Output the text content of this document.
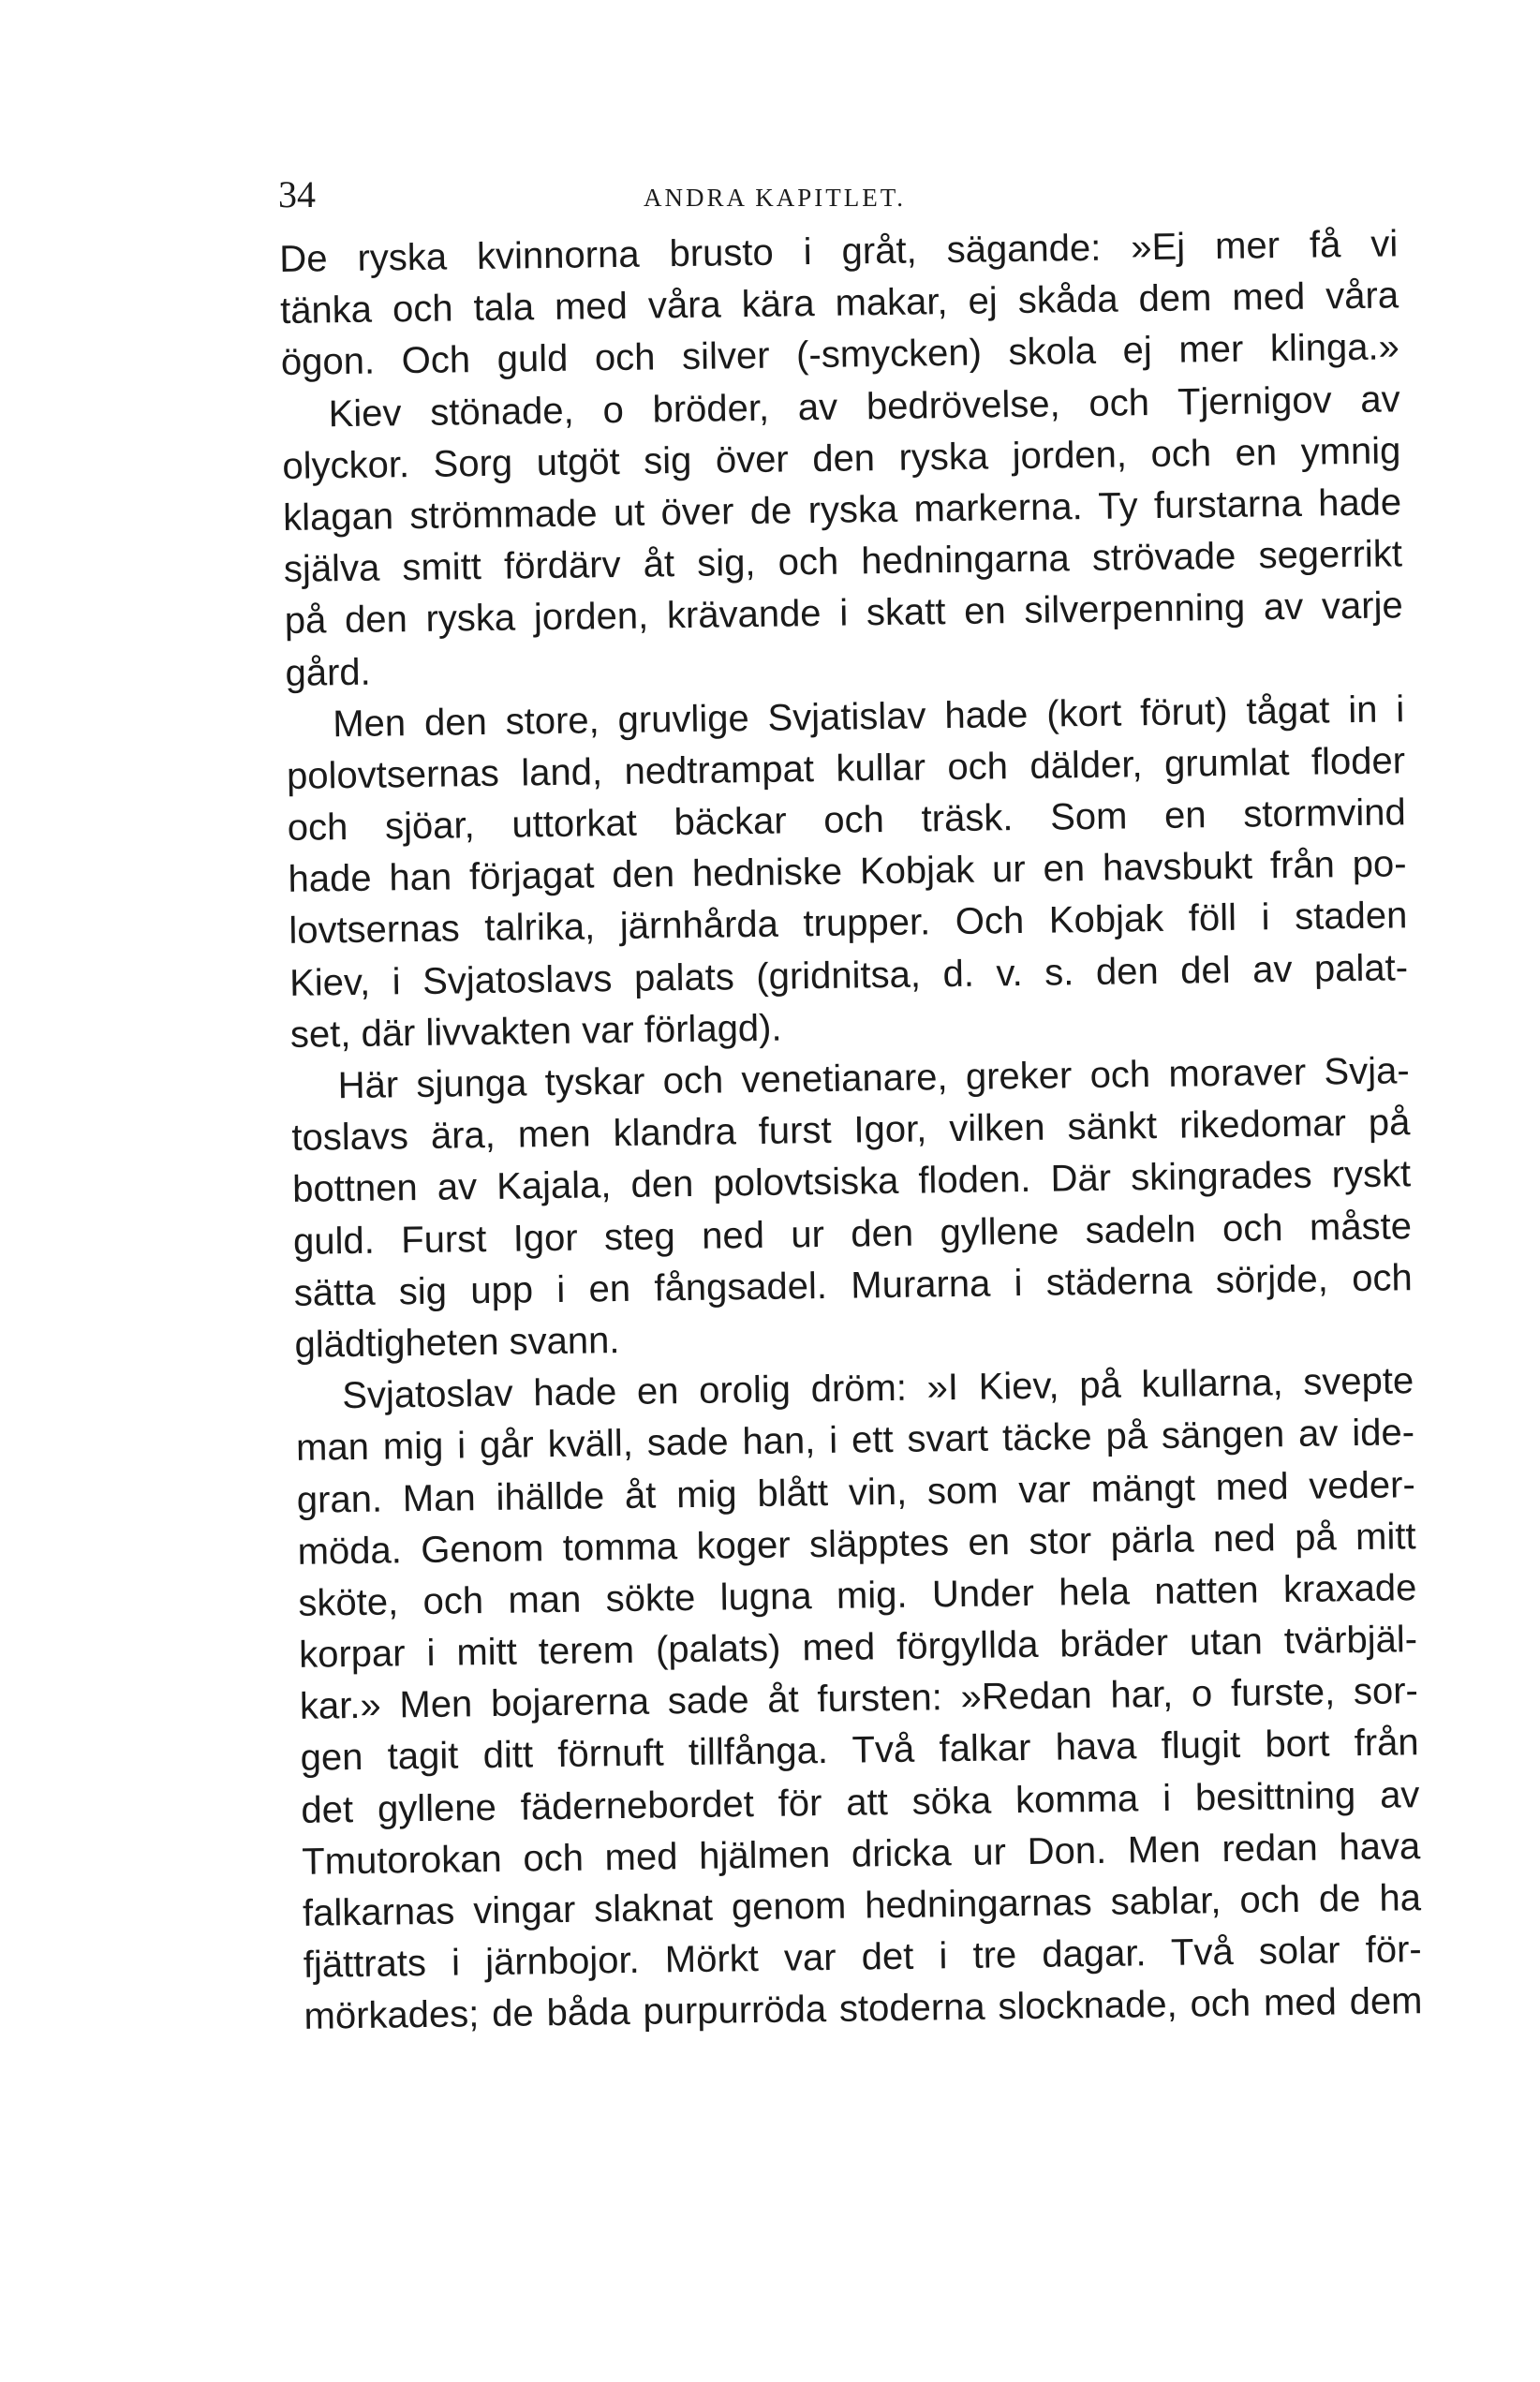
34	ANDRA KAPITLET.
De ryska kvinnorna brusto i gråt, sägande: »Ej mer få vi
tänka och tala med våra kära makar, ej skåda dem med våra
ögon. Och guld och silver (-smycken) skola ej mer klinga.»
Kiev stönade, o bröder, av bedrövelse, och Tjernigov av
olyckor. Sorg utgöt sig över den ryska jorden, och en ymnig
klagan strömmade ut över de ryska markerna. Ty furstarna hade
själva smitt fördärv åt sig, och hedningarna strövade segerrikt
på den ryska jorden, krävande i skatt en silverpenning av varje
gård.
Men den store, gruvlige Svjatislav hade (kort förut) tågat in i
polovtsernas land, nedtrampat kullar och dälder, grumlat floder
och sjöar, uttorkat bäckar och träsk. Som en stormvind
hade han förjagat den hedniske Kobjak ur en havsbukt från po-
lovtsernas talrika, järnhårda trupper. Och Kobjak föll i staden
Kiev, i Svjatoslavs palats (gridnitsa, d. v. s. den del av palat-
set, där livvakten var förlagd).
Här sjunga tyskar och venetianare, greker och moraver Svja-
toslavs ära, men klandra furst Igor, vilken sänkt rikedomar på
bottnen av Kajala, den polovtsiska floden. Där skingrades ryskt
guld. Furst Igor steg ned ur den gyllene sadeln och måste
sätta sig upp i en fångsadel. Murarna i städerna sörjde, och
glädtigheten svann.
Svjatoslav hade en orolig dröm: »I Kiev, på kullarna, svepte
man mig i går kväll, sade han, i ett svart täcke på sängen av ide-
gran. Man ihällde åt mig blått vin, som var mängt med veder-
möda. Genom tomma koger släpptes en stor pärla ned på mitt
sköte, och man sökte lugna mig. Under hela natten kraxade
korpar i mitt terem (palats) med förgyllda bräder utan tvärbjäl-
kar.» Men bojarerna sade åt fursten: »Redan har, o furste, sor-
gen tagit ditt förnuft tillfånga. Två falkar hava flugit bort från
det gyllene fädernebordet för att söka komma i besittning av
Tmutorokan och med hjälmen dricka ur Don. Men redan hava
falkarnas vingar slaknat genom hedningarnas sablar, och de ha
fjättrats i järnbojor. Mörkt var det i tre dagar. Två solar för-
mörkades; de båda purpurröda stoderna slocknade, och med dem
